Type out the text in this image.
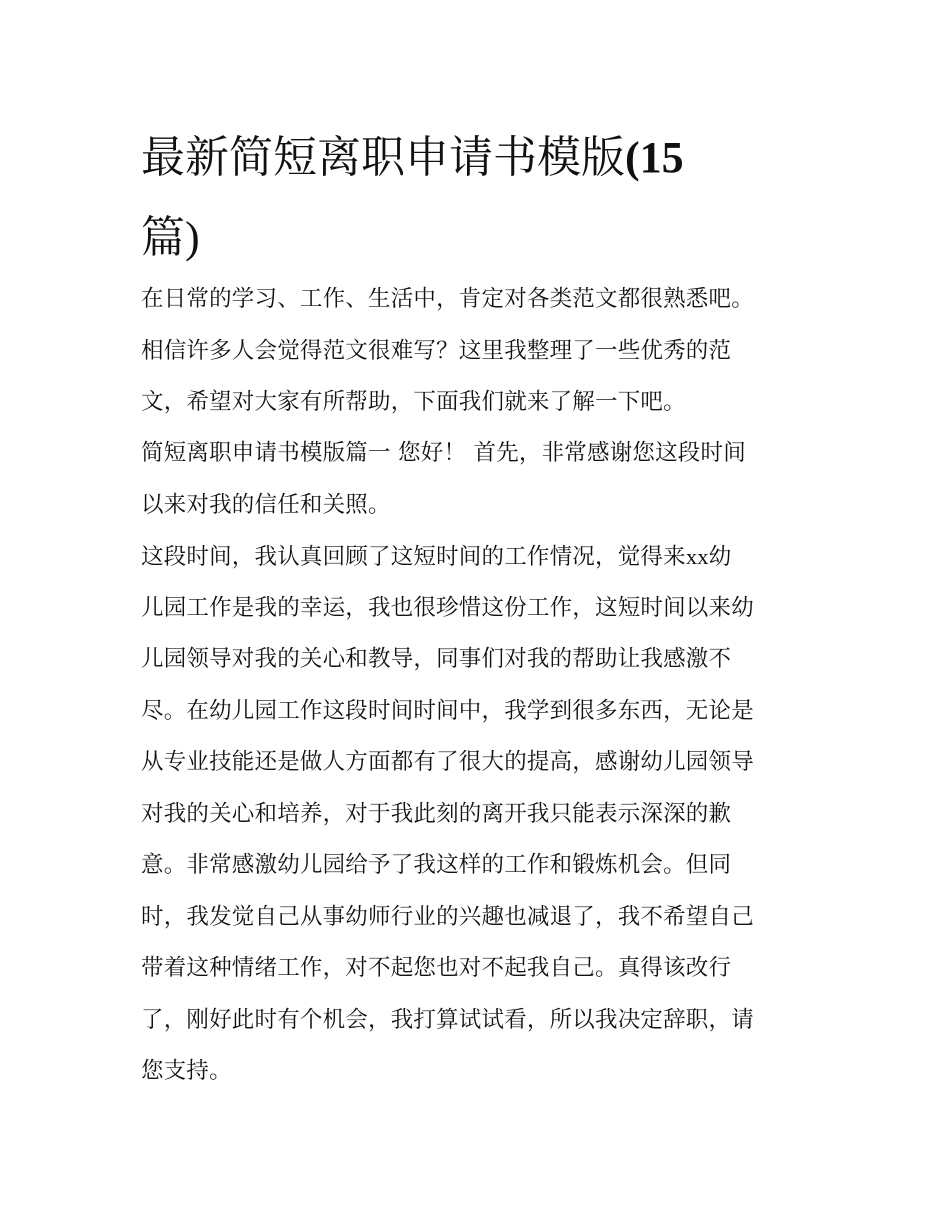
最新简短离职申请书模版(15
篇)
在日常的学习、工作、生活中，肯定对各类范文都很熟悉吧。
相信许多人会觉得范文很难写？这里我整理了一些优秀的范
文，希望对大家有所帮助，下面我们就来了解一下吧。
简短离职申请书模版篇一 您好！ 首先，非常感谢您这段时间
以来对我的信任和关照。
这段时间，我认真回顾了这短时间的工作情况，觉得来xx幼
儿园工作是我的幸运，我也很珍惜这份工作，这短时间以来幼
儿园领导对我的关心和教导，同事们对我的帮助让我感激不
尽。在幼儿园工作这段时间时间中，我学到很多东西，无论是
从专业技能还是做人方面都有了很大的提高，感谢幼儿园领导
对我的关心和培养，对于我此刻的离开我只能表示深深的歉
意。非常感激幼儿园给予了我这样的工作和锻炼机会。但同
时，我发觉自己从事幼师行业的兴趣也减退了，我不希望自己
带着这种情绪工作，对不起您也对不起我自己。真得该改行
了，刚好此时有个机会，我打算试试看，所以我决定辞职，请
您支持。
